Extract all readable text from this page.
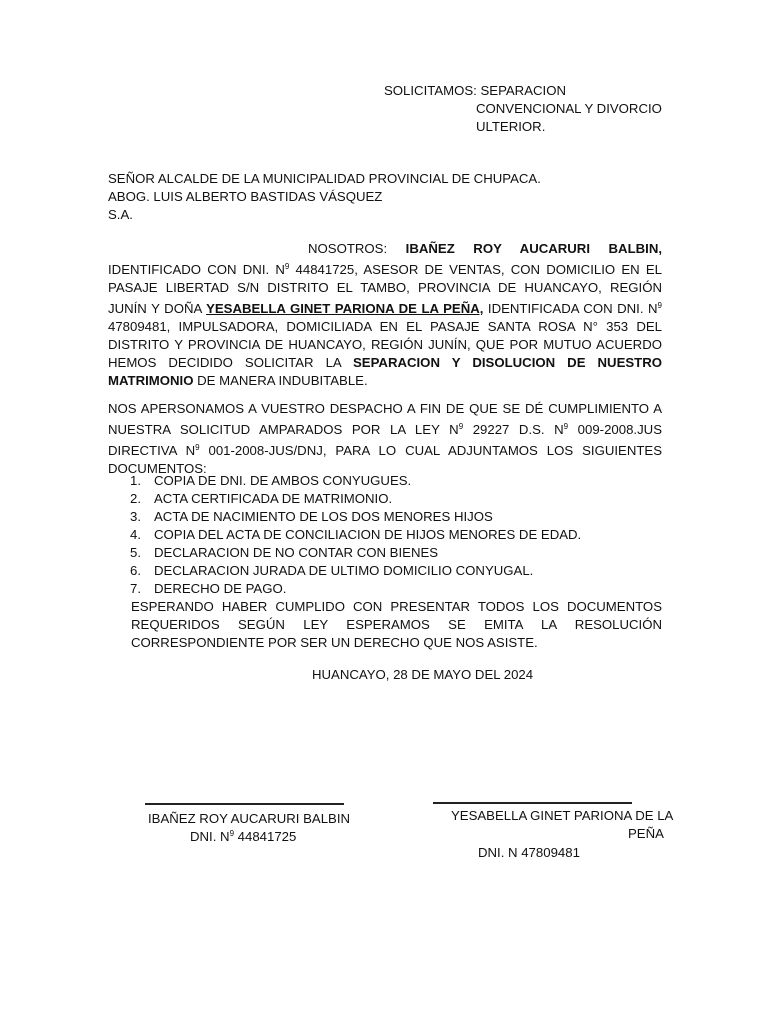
SOLICITAMOS: SEPARACION
CONVENCIONAL Y DIVORCIO
ULTERIOR.
SEÑOR ALCALDE DE LA MUNICIPALIDAD PROVINCIAL DE CHUPACA.
ABOG. LUIS ALBERTO BASTIDAS VÁSQUEZ
S.A.
NOSOTROS: IBAÑEZ ROY AUCARURI BALBIN, IDENTIFICADO CON DNI. $N^9$ 44841725, ASESOR DE VENTAS, CON DOMICILIO EN EL PASAJE LIBERTAD S/N DISTRITO EL TAMBO, PROVINCIA DE HUANCAYO, REGIÓN JUNÍN Y DOÑA YESABELLA GINET PARIONA DE LA PEÑA, IDENTIFICADA CON DNI. $N^9$ 47809481, IMPULSADORA, DOMICILIADA EN EL PASAJE SANTA ROSA N° 353 DEL DISTRITO Y PROVINCIA DE HUANCAYO, REGIÓN JUNÍN, QUE POR MUTUO ACUERDO HEMOS DECIDIDO SOLICITAR LA SEPARACION Y DISOLUCION DE NUESTRO MATRIMONIO DE MANERA INDUBITABLE.
NOS APERSONAMOS A VUESTRO DESPACHO A FIN DE QUE SE DÉ CUMPLIMIENTO A NUESTRA SOLICITUD AMPARADOS POR LA LEY $N^9$ 29227 D.S. $N^9$ 009-2008.JUS DIRECTIVA $N^9$ 001-2008-JUS/DNJ, PARA LO CUAL ADJUNTAMOS LOS SIGUIENTES DOCUMENTOS:
1. COPIA DE DNI. DE AMBOS CONYUGUES.
2. ACTA CERTIFICADA DE MATRIMONIO.
3. ACTA DE NACIMIENTO DE LOS DOS MENORES HIJOS
4. COPIA DEL ACTA DE CONCILIACION DE HIJOS MENORES DE EDAD.
5. DECLARACION DE NO CONTAR CON BIENES
6. DECLARACION JURADA DE ULTIMO DOMICILIO CONYUGAL.
7. DERECHO DE PAGO.
ESPERANDO HABER CUMPLIDO CON PRESENTAR TODOS LOS DOCUMENTOS REQUERIDOS SEGÚN LEY ESPERAMOS SE EMITA LA RESOLUCIÓN CORRESPONDIENTE POR SER UN DERECHO QUE NOS ASISTE.
HUANCAYO, 28 DE MAYO DEL 2024
IBAÑEZ ROY AUCARURI BALBIN
DNI. $N^9$ 44841725
YESABELLA GINET PARIONA DE LA
PEÑA
DNI. N 47809481
